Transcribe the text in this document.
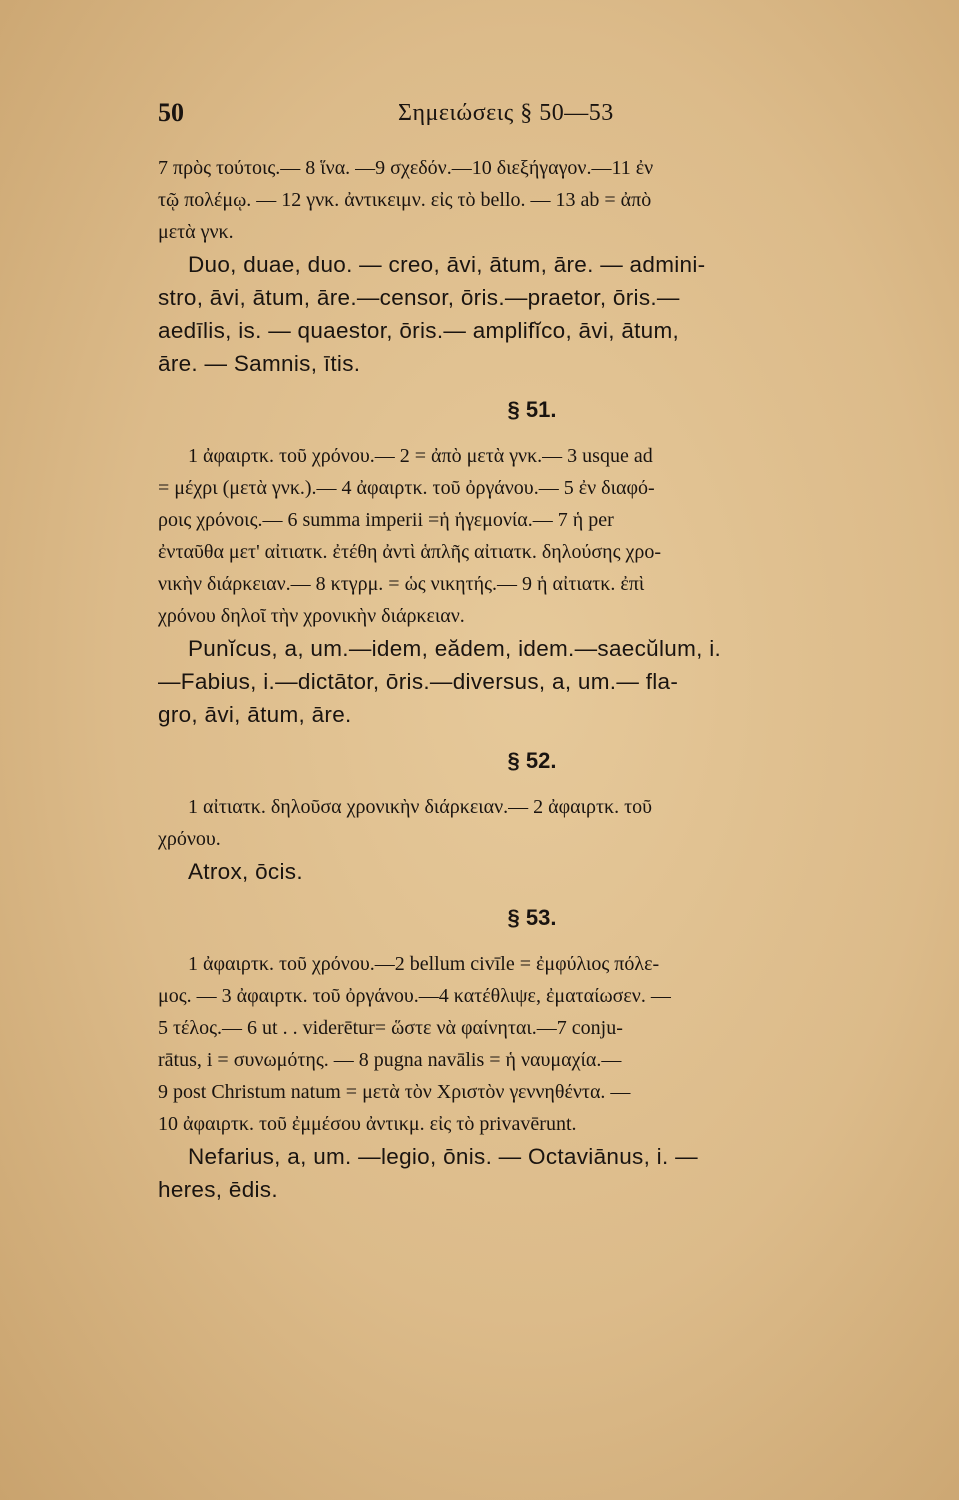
50	Σημειώσεις § 50—53
7 πρὸς τούτοις.— 8 ἵνα. —9 σχεδόν.—10 διεξήγαγον.—11 ἐν
τῷ πολέμῳ. — 12 γνκ. ἀντικειμν. εἰς τὸ bello. — 13 ab = ἀπὸ
μετὰ γνκ.
Duo, duae, duo. — creo, āvi, ātum, āre. — admini-
stro, āvi, ātum, āre.—censor, ōris.—praetor, ōris.—
aedīlis, is. — quaestor, ōris.— amplifĭco, āvi, ātum,
āre. — Samnis, ītis.
§ 51.
1 ἀφαιρτκ. τοῦ χρόνου.— 2 = ἀπὸ μετὰ γνκ.— 3 usque ad
= μέχρι (μετὰ γνκ.).— 4 ἀφαιρτκ. τοῦ ὀργάνου.— 5 ἐν διαφό-
ροις χρόνοις.— 6 summa imperii =ἡ ἡγεμονία.— 7 ἡ per
ἐνταῦθα μετ' αἰτιατκ. ἐτέθη ἀντὶ ἁπλῆς αἰτιατκ. δηλούσης χρο-
νικὴν διάρκειαν.— 8 κτγρμ. = ὡς νικητής.— 9 ἡ αἰτιατκ. ἐπὶ
χρόνου δηλοῖ τὴν χρονικὴν διάρκειαν.
Punĭcus, a, um.—idem, eădem, idem.—saecŭlum, i.
—Fabius, i.—dictātor, ōris.—diversus, a, um.— fla-
gro, āvi, ātum, āre.
§ 52.
1 αἰτιατκ. δηλοῦσα χρονικὴν διάρκειαν.— 2 ἀφαιρτκ. τοῦ
χρόνου.
Atrox, ōcis.
§ 53.
1 ἀφαιρτκ. τοῦ χρόνου.—2 bellum civīle = ἐμφύλιος πόλε-
μος. — 3 ἀφαιρτκ. τοῦ ὀργάνου.—4 κατέθλιψε, ἐματαίωσεν. —
5 τέλος.— 6 ut . . viderētur= ὥστε νὰ φαίνηται.—7 conju-
rātus, i = συνωμότης. — 8 pugna navālis = ἡ ναυμαχία.—
9 post Christum natum = μετὰ τὸν Χριστὸν γεννηθέντα. —
10 ἀφαιρτκ. τοῦ ἐμμέσου ἀντικμ. εἰς τὸ privavērunt.
Nefarius, a, um. —legio, ōnis. — Octaviānus, i. —
heres, ēdis.
